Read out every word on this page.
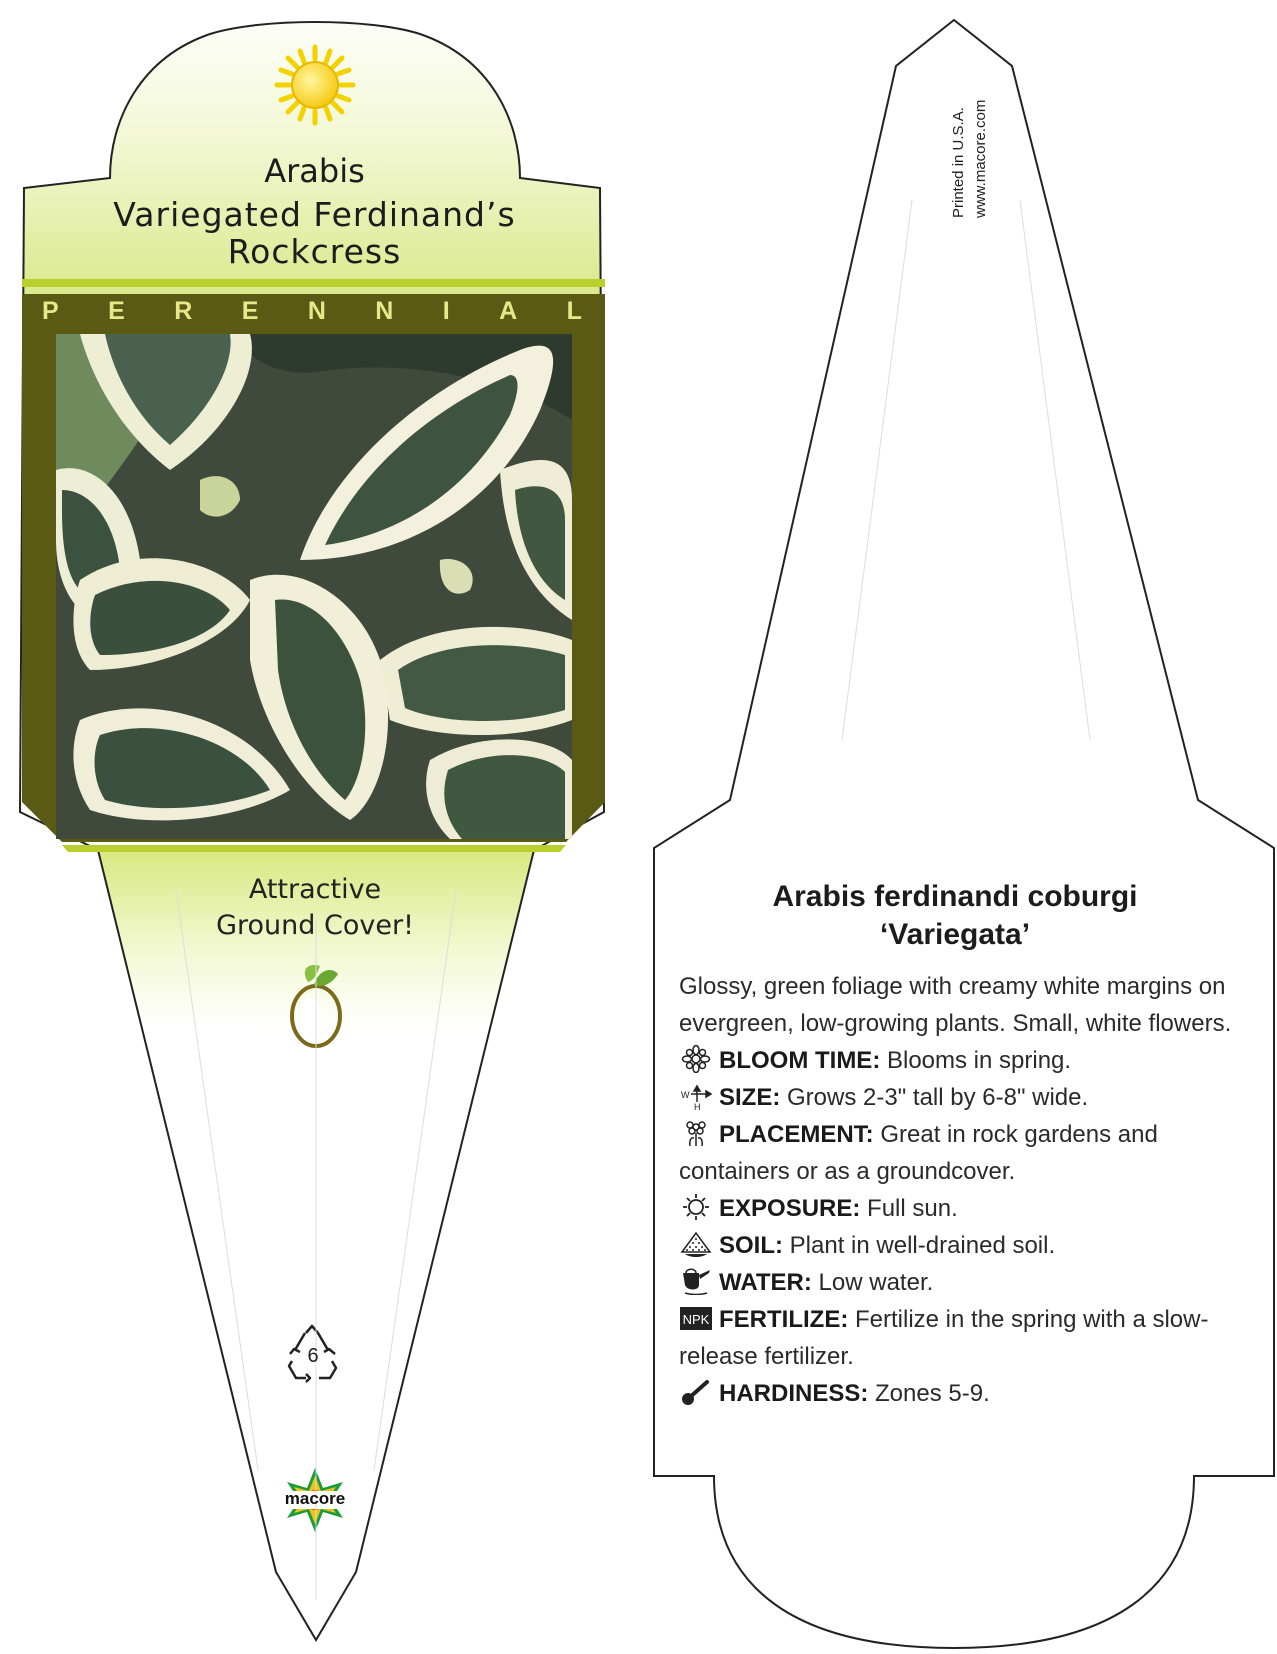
Arabis
Variegated Ferdinand’s
Rockcress
P E R E N N I A L
Attractive
Ground Cover!
6
macore
Printed in U.S.A. www.macore.com
Arabis ferdinandi coburgi
‘Variegata’
Glossy, green foliage with creamy white margins on evergreen, low-growing plants. Small, white flowers.
BLOOM TIME: Blooms in spring.
W
H SIZE: Grows 2-3" tall by 6-8" wide.
PLACEMENT: Great in rock gardens and containers or as a groundcover.
EXPOSURE: Full sun.
SOIL: Plant in well-drained soil.
WATER: Low water.
NPK FERTILIZE: Fertilize in the spring with a slow-release fertilizer.
HARDINESS: Zones 5-9.
